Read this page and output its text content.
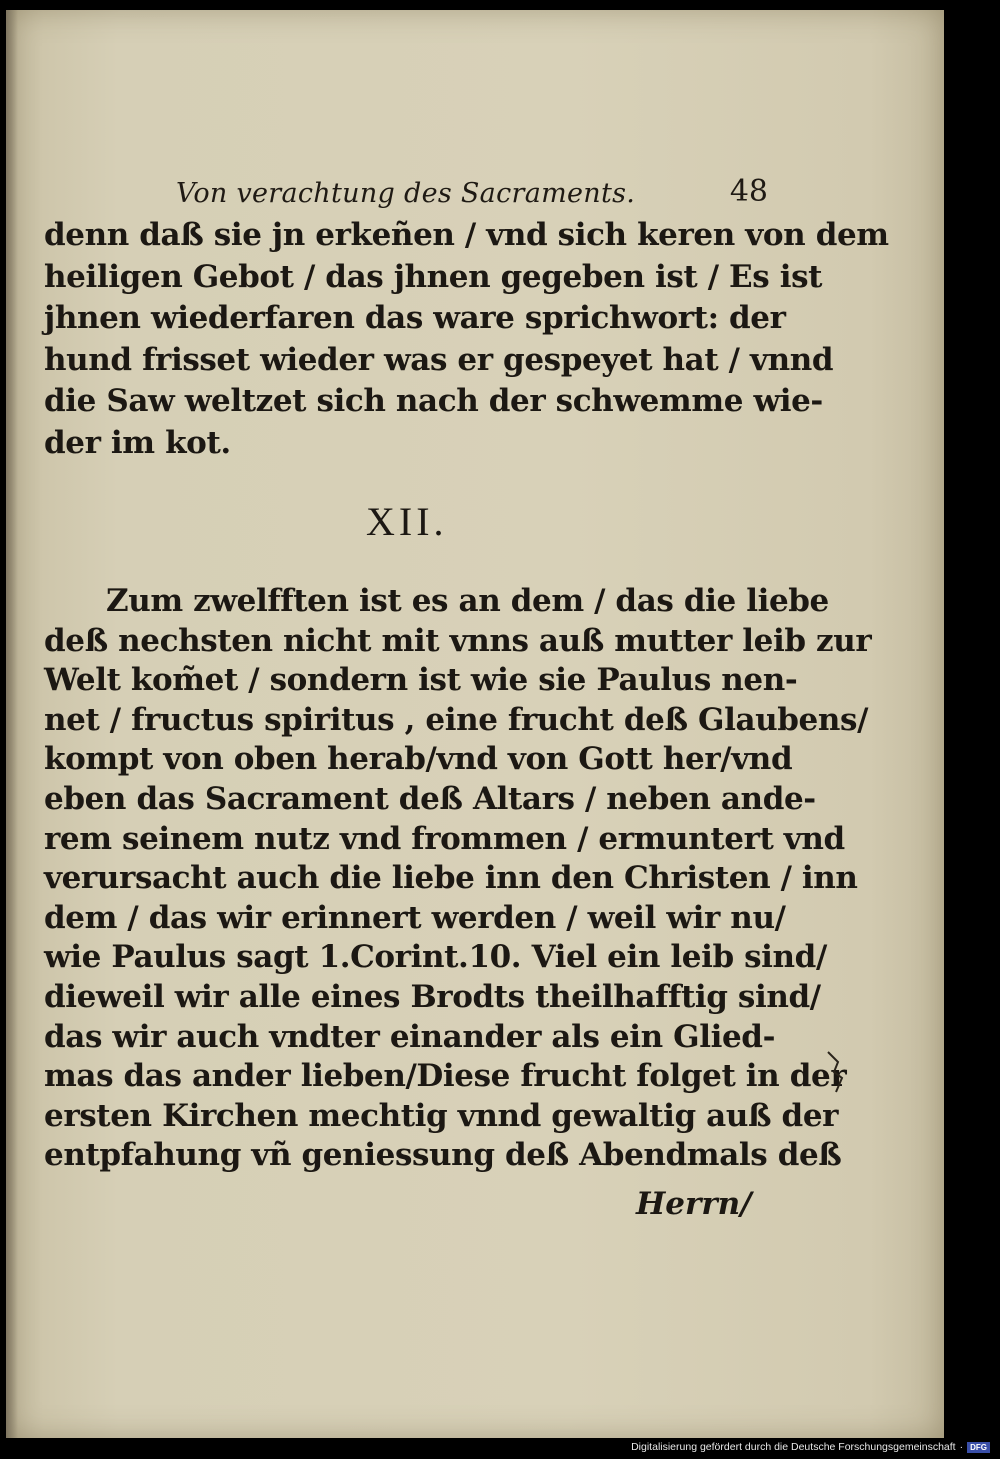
Von verachtung des Sacraments.	48
denn daß sie jn erkeñen / vnd sich keren von dem
heiligen Gebot / das jhnen gegeben ist / Es ist
jhnen wiederfaren das ware sprichwort: der
hund frisset wieder was er gespeyet hat / vnnd
die Saw weltzet sich nach der schwemme wie-
der im kot.
XII.
Zum zwelfften ist es an dem / das die liebe
deß nechsten nicht mit vnns auß mutter leib zur
Welt kom̃et / sondern ist wie sie Paulus nen-
net / fructus spiritus , eine frucht deß Glaubens/
kompt von oben herab/vnd von Gott her/vnd
eben das Sacrament deß Altars / neben ande-
rem seinem nutz vnd frommen / ermuntert vnd
verursacht auch die liebe inn den Christen / inn
dem / das wir erinnert werden / weil wir nu/
wie Paulus sagt 1.Corint.10. Viel ein leib sind/
dieweil wir alle eines Brodts theilhafftig sind/
das wir auch vndter einander als ein Glied-
mas das ander lieben/Diese frucht folget in der
ersten Kirchen mechtig vnnd gewaltig auß der
entpfahung vñ geniessung deß Abendmals deß
Herrn/
Digitalisierung gefördert durch die Deutsche Forschungsgemeinschaft · DFG
